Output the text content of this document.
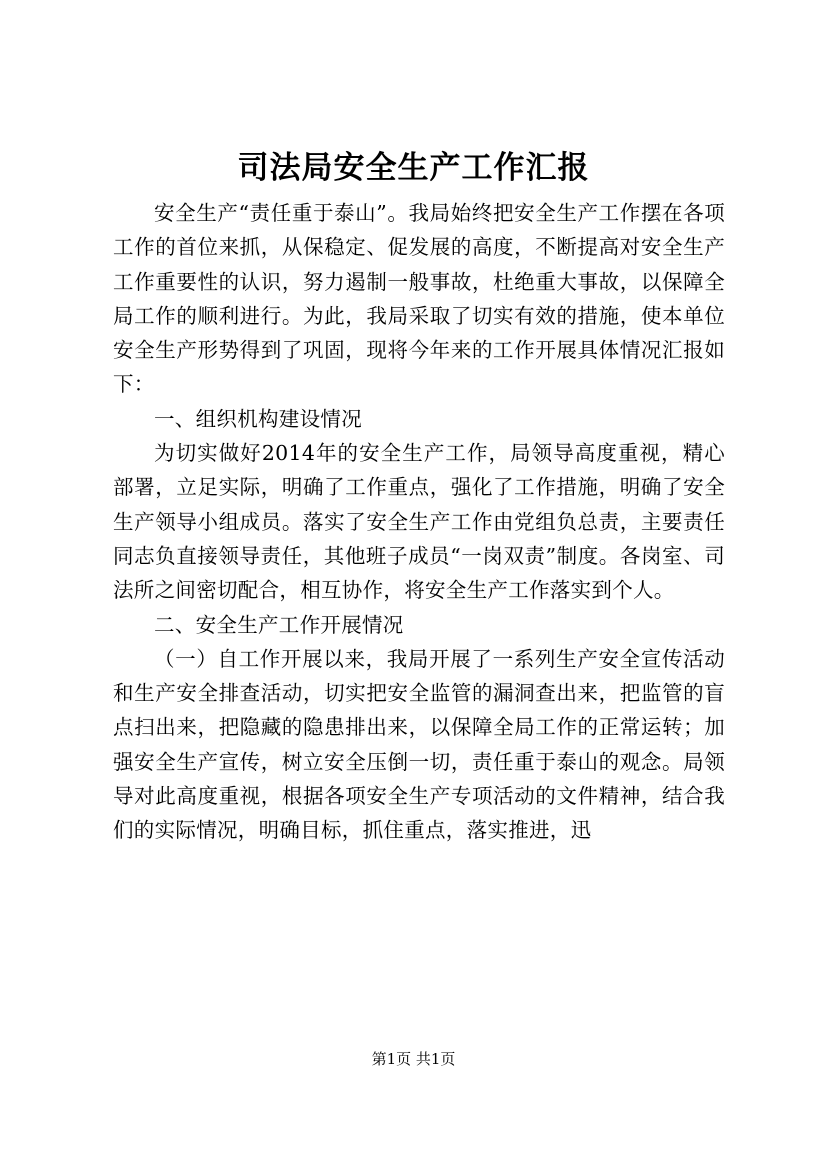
司法局安全生产工作汇报

安全生产“责任重于泰山”。我局始终把安全生产工作摆在各项工作的首位来抓，从保稳定、促发展的高度，不断提高对安全生产工作重要性的认识，努力遏制一般事故，杜绝重大事故，以保障全局工作的顺利进行。为此，我局采取了切实有效的措施，使本单位安全生产形势得到了巩固，现将今年来的工作开展具体情况汇报如下：

一、组织机构建设情况

为切实做好2014年的安全生产工作，局领导高度重视，精心部署，立足实际，明确了工作重点，强化了工作措施，明确了安全生产领导小组成员。落实了安全生产工作由党组负总责，主要责任同志负直接领导责任，其他班子成员“一岗双责”制度。各岗室、司法所之间密切配合，相互协作，将安全生产工作落实到个人。

二、安全生产工作开展情况

（一）自工作开展以来，我局开展了一系列生产安全宣传活动和生产安全排查活动，切实把安全监管的漏洞查出来，把监管的盲点扫出来，把隐藏的隐患排出来，以保障全局工作的正常运转；加强安全生产宣传，树立安全压倒一切，责任重于泰山的观念。局领导对此高度重视，根据各项安全生产专项活动的文件精神，结合我们的实际情况，明确目标，抓住重点，落实推进，迅

第1页 共1页
